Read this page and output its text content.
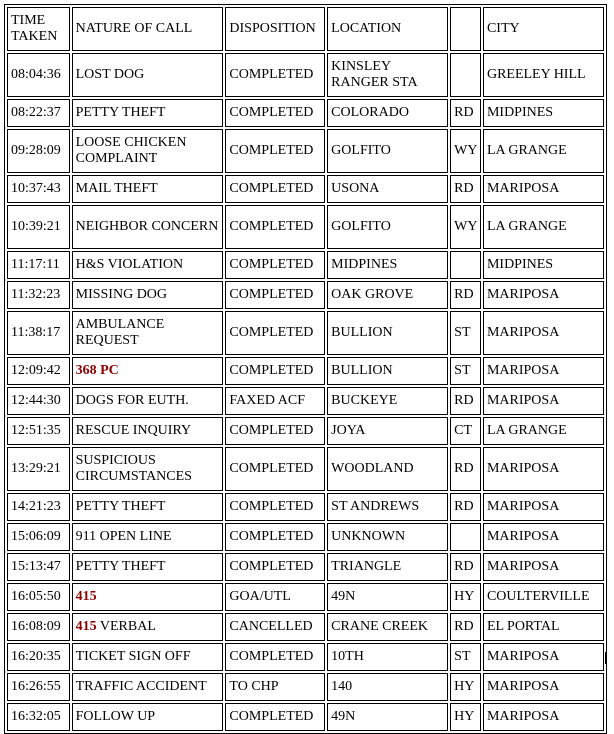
TIME TAKEN	NATURE OF CALL	DISPOSITION	LOCATION		CITY
08:04:36	LOST DOG	COMPLETED	KINSLEY RANGER STA		GREELEY HILL
08:22:37	PETTY THEFT	COMPLETED	COLORADO	RD	MIDPINES
09:28:09	LOOSE CHICKEN COMPLAINT	COMPLETED	GOLFITO	WY	LA GRANGE
10:37:43	MAIL THEFT	COMPLETED	USONA	RD	MARIPOSA
10:39:21	NEIGHBOR CONCERN	COMPLETED	GOLFITO	WY	LA GRANGE
11:17:11	H&S VIOLATION	COMPLETED	MIDPINES		MIDPINES
11:32:23	MISSING DOG	COMPLETED	OAK GROVE	RD	MARIPOSA
11:38:17	AMBULANCE REQUEST	COMPLETED	BULLION	ST	MARIPOSA
12:09:42	368 PC	COMPLETED	BULLION	ST	MARIPOSA
12:44:30	DOGS FOR EUTH.	FAXED ACF	BUCKEYE	RD	MARIPOSA
12:51:35	RESCUE INQUIRY	COMPLETED	JOYA	CT	LA GRANGE
13:29:21	SUSPICIOUS CIRCUMSTANCES	COMPLETED	WOODLAND	RD	MARIPOSA
14:21:23	PETTY THEFT	COMPLETED	ST ANDREWS	RD	MARIPOSA
15:06:09	911 OPEN LINE	COMPLETED	UNKNOWN		MARIPOSA
15:13:47	PETTY THEFT	COMPLETED	TRIANGLE	RD	MARIPOSA
16:05:50	415	GOA/UTL	49N	HY	COULTERVILLE
16:08:09	415 VERBAL	CANCELLED	CRANE CREEK	RD	EL PORTAL
16:20:35	TICKET SIGN OFF	COMPLETED	10TH	ST	MARIPOSA
16:26:55	TRAFFIC ACCIDENT	TO CHP	140	HY	MARIPOSA
16:32:05	FOLLOW UP	COMPLETED	49N	HY	MARIPOSA
